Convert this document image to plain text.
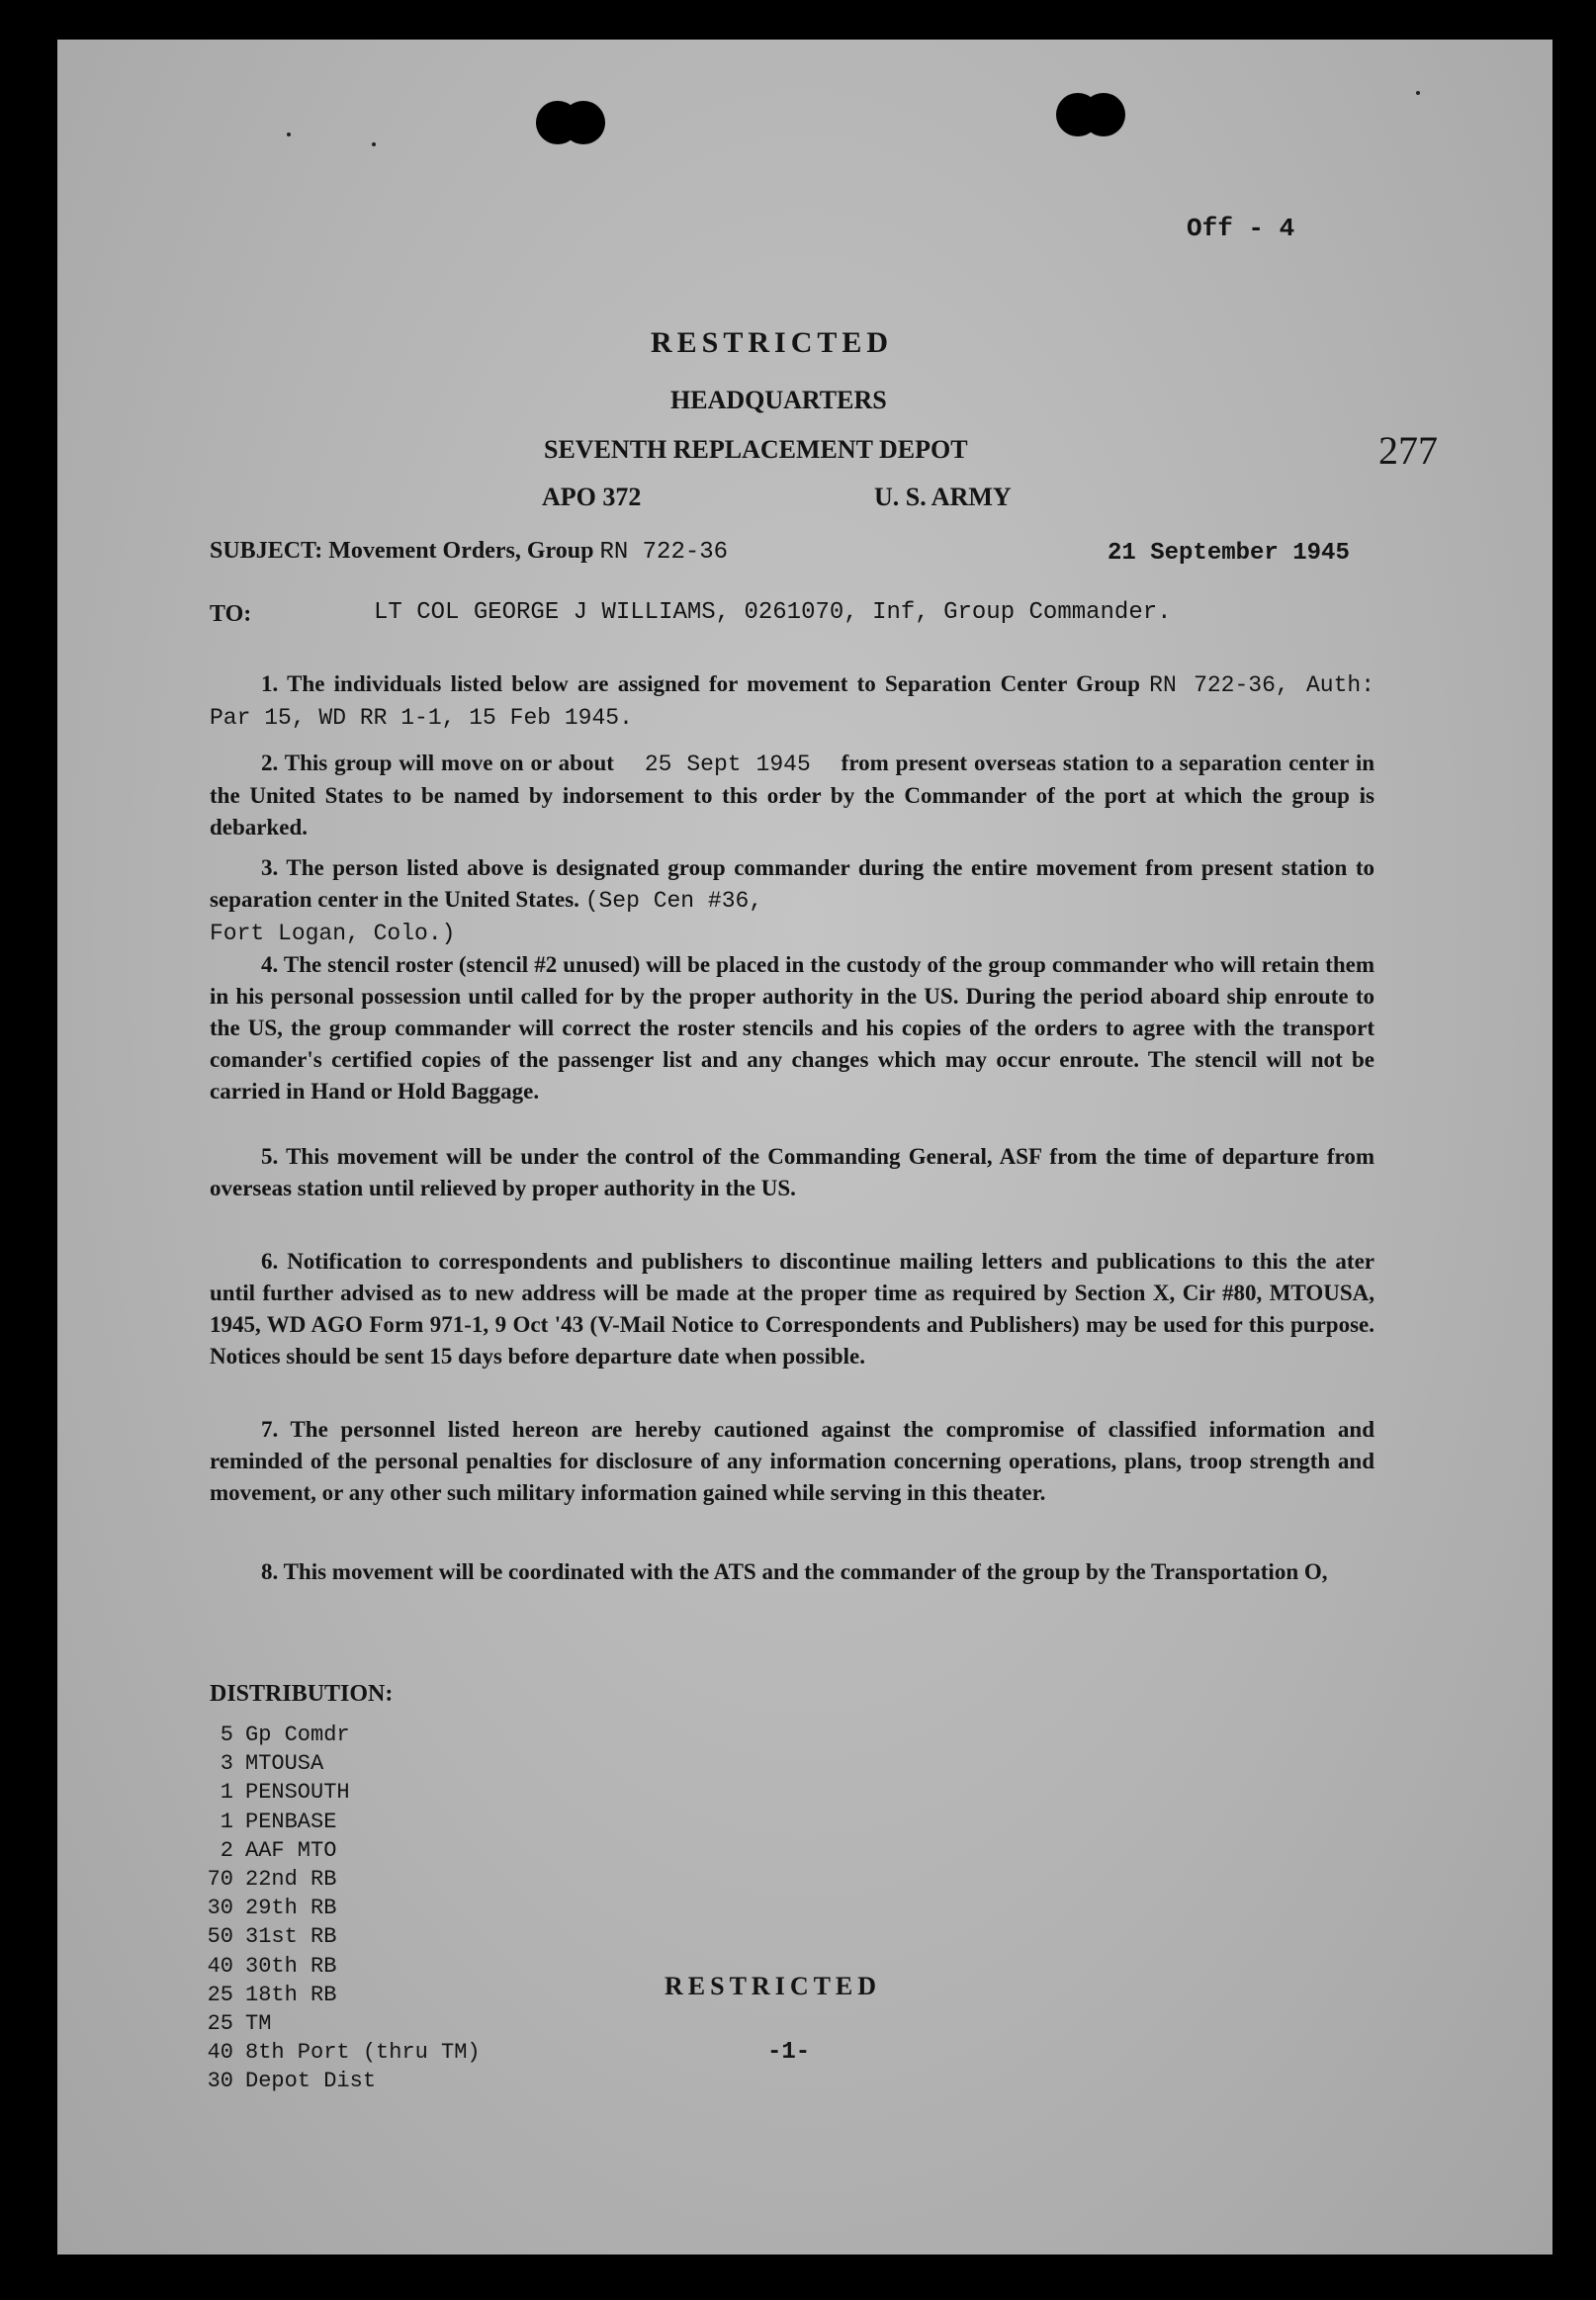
Off - 4
RESTRICTED
HEADQUARTERS
SEVENTH REPLACEMENT DEPOT
APO 372	U. S. ARMY
277
SUBJECT: Movement Orders, Group RN 722-36	21 September 1945
TO:	LT COL GEORGE J WILLIAMS, 0261070, Inf, Group Commander.
1. The individuals listed below are assigned for movement to Separation Center Group RN 722-36, Auth: Par 15, WD RR 1-1, 15 Feb 1945.
2. This group will move on or about 25 Sept 1945 from present overseas station to a separation center in the United States to be named by indorsement to this order by the Commander of the port at which the group is debarked.
3. The person listed above is designated group commander during the entire movement from present station to separation center in the United States. (Sep Cen #36,
Fort Logan, Colo.)
4. The stencil roster (stencil #2 unused) will be placed in the custody of the group commander who will retain them in his personal possession until called for by the proper authority in the US. During the period aboard ship enroute to the US, the group commander will correct the roster stencils and his copies of the orders to agree with the transport comander's certified copies of the passenger list and any changes which may occur enroute. The stencil will not be carried in Hand or Hold Baggage.
5. This movement will be under the control of the Commanding General, ASF from the time of departure from overseas station until relieved by proper authority in the US.
6. Notification to correspondents and publishers to discontinue mailing letters and publications to this the ater until further advised as to new address will be made at the proper time as required by Section X, Cir #80, MTOUSA, 1945, WD AGO Form 971-1, 9 Oct '43 (V-Mail Notice to Correspondents and Publishers) may be used for this purpose. Notices should be sent 15 days before departure date when possible.
7. The personnel listed hereon are hereby cautioned against the compromise of classified information and reminded of the personal penalties for disclosure of any information concerning operations, plans, troop strength and movement, or any other such military information gained while serving in this theater.
8. This movement will be coordinated with the ATS and the commander of the group by the Transportation O,
DISTRIBUTION:
5 Gp Comdr
3 MTOUSA
1 PENSOUTH
1 PENBASE
2 AAF MTO
70 22nd RB
30 29th RB
50 31st RB
40 30th RB
25 18th RB
25 TM
40 8th Port (thru TM)
30 Depot Dist
RESTRICTED
-1-
